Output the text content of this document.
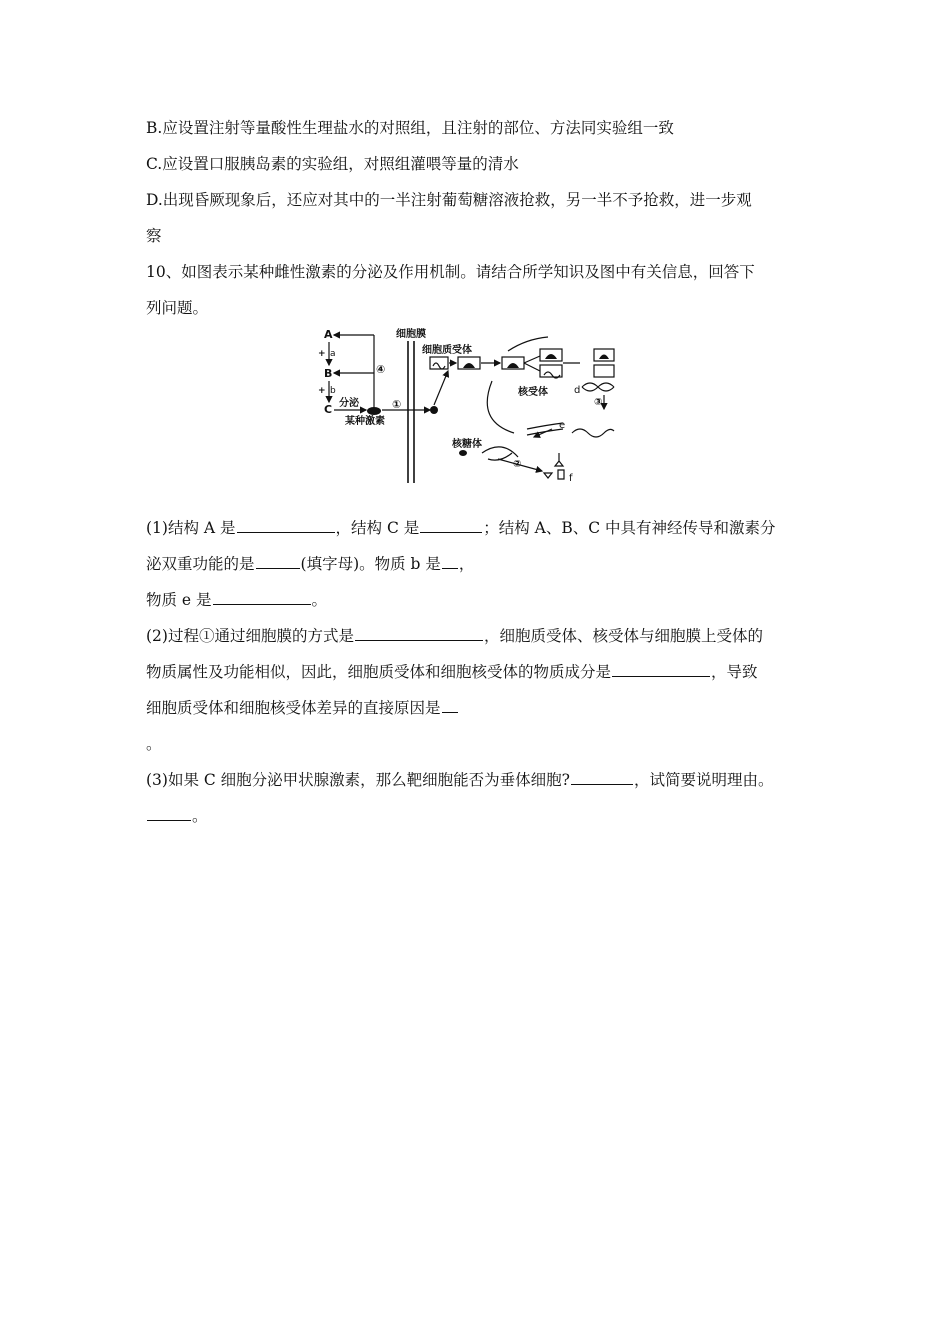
B.应设置注射等量酸性生理盐水的对照组，且注射的部位、方法同实验组一致
C.应设置口服胰岛素的实验组，对照组灌喂等量的清水
D.出现昏厥现象后，还应对其中的一半注射葡萄糖溶液抢救，另一半不予抢救，进一步观
察
10、如图表示某种雌性激素的分泌及作用机制。请结合所学知识及图中有关信息，回答下
列问题。
A
B
C
+ a
+ b
④
分泌
某种激素
①
细胞膜
细胞质受体
核受体	d
③
e
核糖体
②
f
(1)结构 A 是	，结构 C 是	；结构 A、B、C 中具有神经传导和激素分
泌双重功能的是	(填字母)。物质 b 是 ，
物质 e 是	。
(2)过程①通过细胞膜的方式是	，细胞质受体、核受体与细胞膜上受体的
物质属性及功能相似，因此，细胞质受体和细胞核受体的物质成分是	，导致
细胞质受体和细胞核受体差异的直接原因是
。
(3)如果 C 细胞分泌甲状腺激素，那么靶细胞能否为垂体细胞?	，试简要说明理由。
。
